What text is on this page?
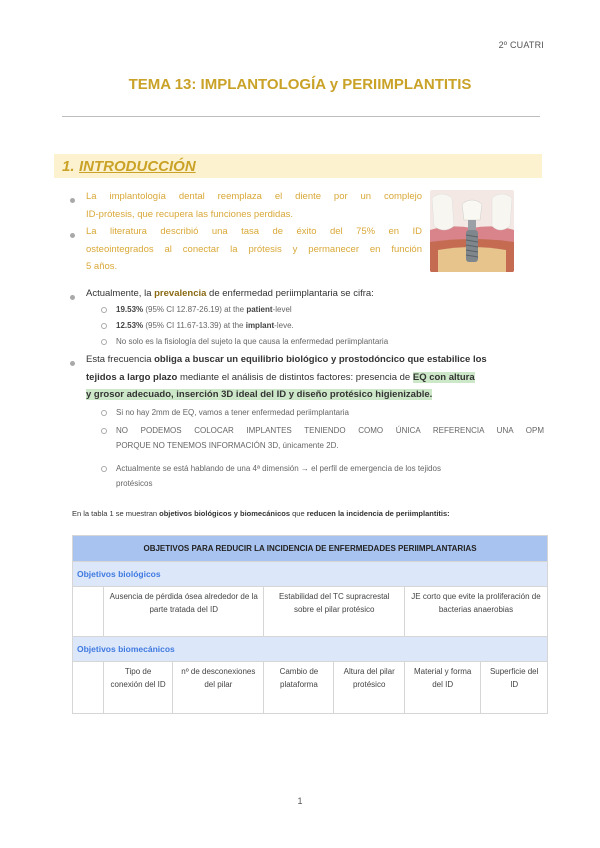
2º CUATRI
TEMA 13: IMPLANTOLOGÍA y PERIIMPLANTITIS
1. INTRODUCCIÓN
La implantología dental reemplaza el diente por un complejo
ID-prótesis, que recupera las funciones perdidas.
La literatura describió una tasa de éxito del 75% en ID
osteointegrados al conectar la prótesis y permanecer en función
5 años.
Actualmente, la prevalencia de enfermedad periimplantaria se cifra:
19.53% (95% CI 12.87-26.19) at the patient-level
12.53% (95% CI 11.67-13.39) at the implant-leve.
No solo es la fisiología del sujeto la que causa la enfermedad periimplantaria
Esta frecuencia obliga a buscar un equilibrio biológico y prostodóncico que estabilice los
tejidos a largo plazo mediante el análisis de distintos factores: presencia de EQ con altura
y grosor adecuado, inserción 3D ideal del ID y diseño protésico higienizable.
Si no hay 2mm de EQ, vamos a tener enfermedad periimplantaria
NO PODEMOS COLOCAR IMPLANTES TENIENDO COMO ÚNICA REFERENCIA UNA OPM
PORQUE NO TENEMOS INFORMACIÓN 3D, únicamente 2D.
Actualmente se está hablando de una 4ª dimensión → el perfil de emergencia de los tejidos
protésicos
En la tabla 1 se muestran objetivos biológicos y biomecánicos que reducen la incidencia de periimplantitis:
OBJETIVOS PARA REDUCIR LA INCIDENCIA DE ENFERMEDADES PERIIMPLANTARIAS						
Objetivos biológicos						
	Ausencia de pérdida ósea alrededor de la parte tratada del ID		Estabilidad del TC supracrestal sobre el pilar protésico		JE corto que evite la proliferación de bacterias anaerobias	
Objetivos biomecánicos						
	Tipo de conexión del ID	nº de desconexiones del pilar	Cambio de plataforma	Altura del pilar protésico	Material y forma del ID	Superficie del ID
1
